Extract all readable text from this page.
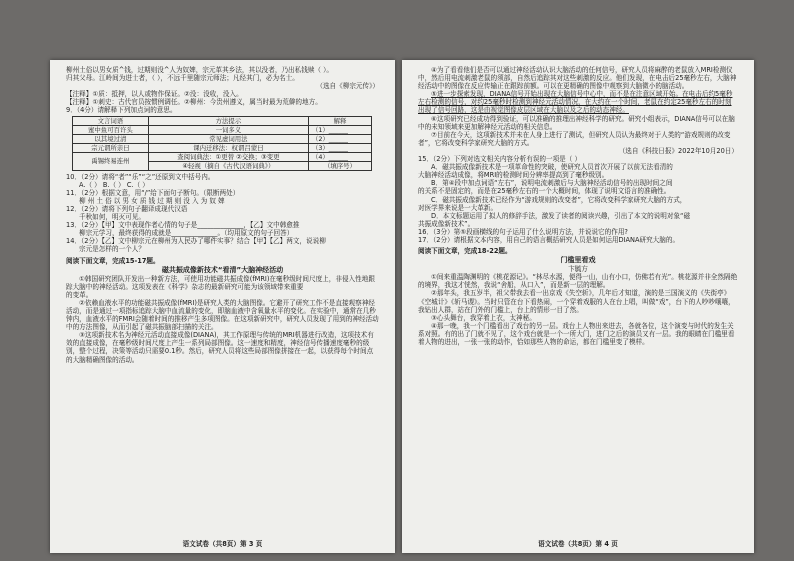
柳州土俗以男女质^钱，过期则没^人为奴婢，宗元革其乡法，其以没者，乃出私钱赎（ ）。
归其父母。江岭间为进士者，（ ），不远千里随宗元师法；凡经其门，必为名士。
（选自《柳宗元传》）
【注释】①质：抵押，以人或物作保证。②没：没收，没入。
【注释】①刺史：古代官员按惯例调任。②柳州：今贵州遵义，属当时最为荒僻的地方。
9．（4分）请解释下列加点词的意思。
文言词语	方法提示	解释
蜜中鱼可百许头	一词多义	（1）______
以其境过清	常见虚词用法	（2）______
宗元谓所亲曰	课内迁移法：权谓吕蒙曰	（3）______
禹锡终易连州	查阅词典法：①更替 ②交换；③变更	（4）______
	④轻视（摘自《古代汉语词典》）	（填序号）
10．（2分）请将“者”“乐”“之”还原到文中括号内。
A.（ ） B.（ ） C.（ ）
11．（2分）根据文意，用“/”给下面句子断句。（限断两处）
柳 州 土 俗 以 男 女 质 钱 过 期 则 没 入 为 奴 婢
12．（2分）请将下列句子翻译成现代汉语
千秋如何，明灭可见。
13．（2分）【甲】文中表现作者心情的句子是______________，【乙】文中韩愈推
柳宗元学习，最终获得的成就是______________。（均用原文的句子回答）
14．（2分）【乙】文中柳宗元在柳州为人民办了哪件实事？结合【甲】【乙】两文，说说柳
宗元是怎样的一个人？
阅读下面文章，完成15-17题。
磁共振成像新技术“看清”大脑神经活动
①韩国研究团队开发出一种新方法，可使用功能磁共振成像(fMRI)在毫秒级时间尺度上，非侵入性地跟踪大脑中的神经活动。这项发表在《科学》杂志的最新研究可能为该领域带来重要
的变革。
②依赖血液水平的功能磁共振成像(fMRI)是研究人类的大脑图像。它避开了研究工作不是直接观察神经活动，而是通过一项指标追踪大脑中血流量的变化，即脑血液中含氧量水平的变化。在实验中，通常在几秒钟内，血液水平的FMRI会随着时间的推移产生多项图像。在这项新研究中，研究人员发现了用到的神经活动中的方法图像，从而引起了磁共振脑部扫描的关注。
③这项新技术名为神经元活动直接成像(DIANA)，其工作原理与传统的MRI机器进行改造，这项技术有效的直接成像，在毫秒级时间尺度上产生一系列局部图像。这一速度和精度，神经信号传播速度毫秒的级别，整个过程，决策等活动只需要0.1秒。然后，研究人员将这些局部图像拼接在一起，以获得每个时间点的大脑精确图像的活动。
语文试卷（共8页）第 3 页
④为了看看他们是否可以通过神经活动认识大脑活动的任何信号，研究人员将麻醉的老鼠放入MRI检测仪中，然后用电流刺激老鼠的须部，自然后追踪其对这些刺激的反应。他们发现，在电击后25毫秒左右，大脑神经活动中的图像在反应传输正在跟踪前额。可以在更精确的图像中观察到大脑微小的脑活动。
⑤进一步探索发现，DIANA信号开始出现在大脑信号中心中，而不是在注意区域开始。在电击后约5毫秒左右检测的信号，对约25毫秒时检测到神经元活动情况，在大约在一个时间，老鼠在约定25毫秒左右的时刻出现了信号回路，这是由视觉图像皮层区域在大脑以及之后的动态神经。
⑥这项研究已经成功得到验证，可以准确的推理出神经科学的研究。研究小组表示，DIANA信号可以在脑中的未知领域来更加解神经元活动的相关信息。
⑦目前在今天，这项新技术并未在人身上进行了测试，但研究人员认为最终对于人类的“游戏规则的改变者”，它将改变科学家研究大脑的方式。
（选自《科技日报》2022年10月20日）
15．（2分）下列对选文相关内容分析有误的一项是（ ）
A．磁共振成像新技术是一项革命性的突破，使研究人员首次开展了以前无法看清的
大脑神经活动成像，将MRI的检测时间分辨率提高到了毫秒级别。
B．第④段中加点词语“左右”，说明电流刺激后与大脑神经活动信号的出现时间之间
的关系不是固定的，而是在25毫秒左右的一个大概时间，体现了说明文语言的准确性。
C．磁共振成像新技术已经作为“游戏规则的改变者”，它将改变科学家研究大脑的方式，
对医学界来说是一大革新。
D．本文标题运用了拟人的修辞手法，激发了读者的阅读兴趣，引出了本文的说明对象“磁
共振成像新技术”。
16．（3分）第⑤段画横线的句子运用了什么说明方法，并说说它的作用?
17．（2分）请根据文本内容，用自己的语言概括研究人员是如何运用DIANA研究大脑的。
阅读下面文章，完成18-22题。
门槛里看戏
卞毓方
①间来重温陶渊明的《桃花源记》。“林尽水源，便得一山，山有小口，仿佛若有光”。桃花源并非全然隔绝的境界，我这才恍然，我说“舍船，从口入”，而是新一层的理解。
②那年头，我五岁半，祖父带我去看一出京戏《失空斩》，几年后才知道，演的是三国演义的《失街亭》《空城计》《斩马谡》。当时只管在台下看热闹，一个穿着戏服的人在台上唱，叫做“戏”，台下的人吵吵嚷嚷，我钻出人群，站在门外的门槛上，台上的情形一目了然。
③心头舞台，我穿着上衣，太神秘。
④那一晚，我一个门槛看出了戏台的另一层。戏台上人物出来进去，各就各位，这个演变与时代的发生关系对照。有的出了门就不见了，这个戏台就是一个一所大门，进门之后的演员又有一层。我的眼睛在门槛里看着人物的进出，一张一张的动作，恰如那些人物的命运，都在门槛里变了模样。
语文试卷（共8页）第 4 页
